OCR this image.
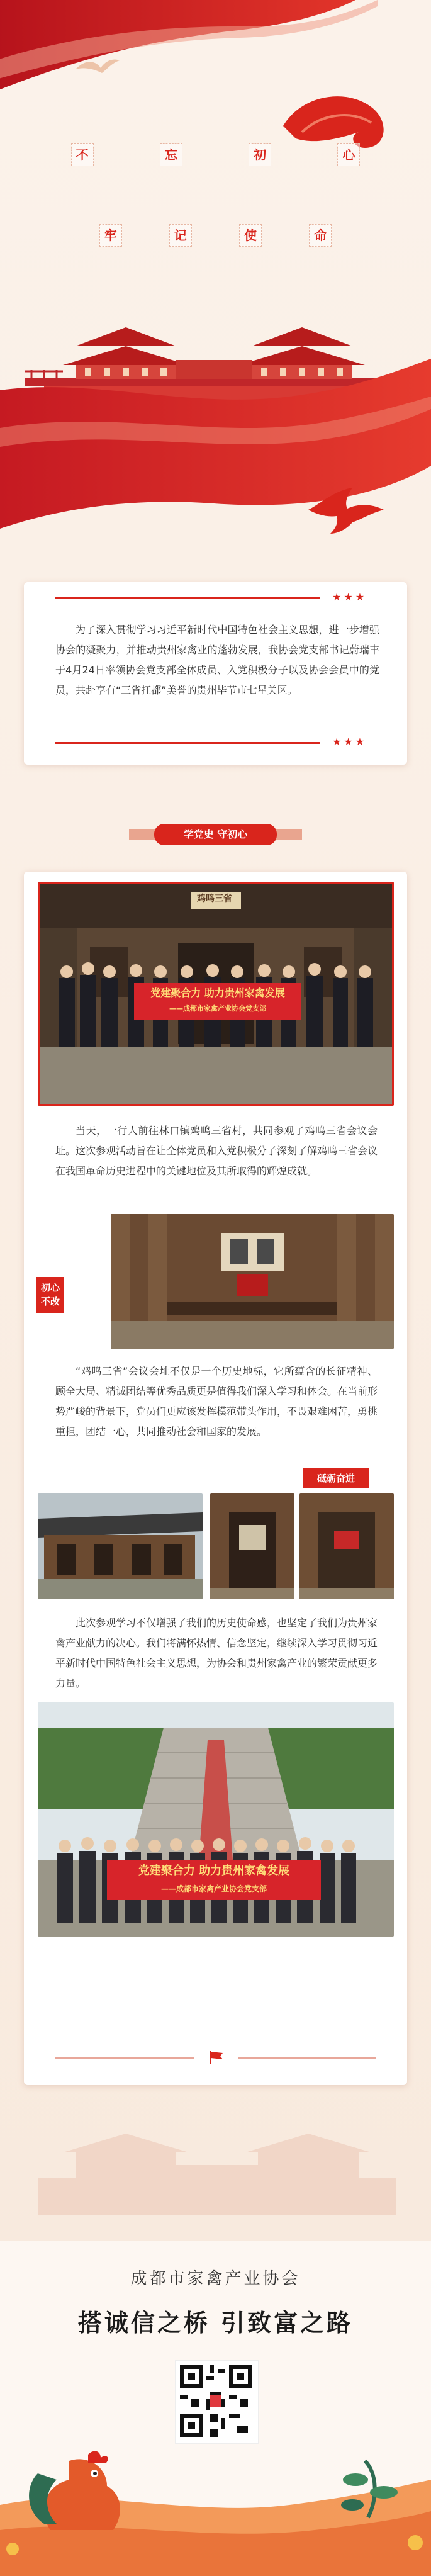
不	忘	初	心
牢	记	使	命
★★★

为了深入贯彻学习习近平新时代中国特色社会主义思想，进一步增强协会的凝聚力，并推动贵州家禽业的蓬勃发展，我协会党支部书记蔚瑞丰于4月24日率领协会党支部全体成员、入党积极分子以及协会会员中的党员，共赴享有“三省扛都”美誉的贵州毕节市七星关区。

★★★
学党史 守初心
鸡鸣三省
党建聚合力 助力贵州家禽发展
——成都市家禽产业协会党支部

当天，一行人前往林口镇鸡鸣三省村，共同参观了鸡鸣三省会议会址。这次参观活动旨在让全体党员和入党积极分子深刻了解鸡鸣三省会议在我国革命历史进程中的关键地位及其所取得的辉煌成就。

初心
不改

“鸡鸣三省”会议会址不仅是一个历史地标，它所蕴含的长征精神、顾全大局、精诚团结等优秀品质更是值得我们深入学习和体会。在当前形势严峻的背景下，党员们更应该发挥模范带头作用，不畏艰难困苦，勇挑重担，团结一心，共同推动社会和国家的发展。

砥砺奋进

此次参观学习不仅增强了我们的历史使命感，也坚定了我们为贵州家禽产业献力的决心。我们将满怀热情、信念坚定，继续深入学习贯彻习近平新时代中国特色社会主义思想，为协会和贵州家禽产业的繁荣贡献更多力量。

党建聚合力 助力贵州家禽发展
——成都市家禽产业协会党支部
成都市家禽产业协会
搭诚信之桥 引致富之路
